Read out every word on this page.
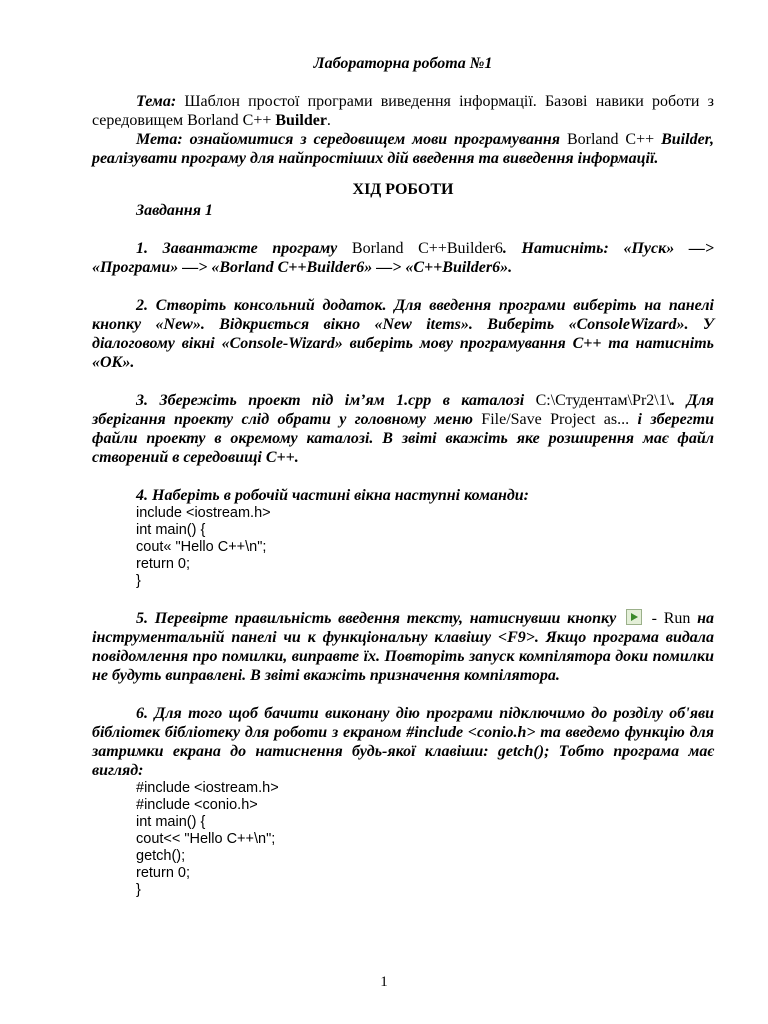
Лабораторна робота №1
Тема: Шаблон простої програми виведення інформації. Базові навики роботи з середовищем Borland C++ Builder.
Мета: ознайомитися з середовищем мови програмування Borland C++ Builder, реалізувати програму для найпростіших дій введення та виведення інформації.
ХІД РОБОТИ
Завдання 1
1. Завантажте програму Borland C++Builder6. Натисніть: «Пуск» —> «Програми» —> «Borland C++Builder6» —> «C++Builder6».
2. Створіть консольний додаток. Для введення програми виберіть на панелі кнопку «New». Відкриється вікно «New items». Виберіть «ConsoleWizard». У діалоговому вікні «Console-Wizard» виберіть мову програмування С++ та натисніть «ОК».
3. Збережіть проект під ім’ям 1.cpp в каталозі C:\Студентам\Pr2\1\. Для зберігання проекту слід обрати у головному меню File/Save Project as... і зберегти файли проекту в окремому каталозі. В звіті вкажіть яке розширення має файл створений в середовищі С++.
4. Наберіть в робочій частині вікна наступні команди:
include <iostream.h>
int main() {
cout« "Hello C++\n";
return 0;
}
5. Перевірте правильність введення тексту, натиснувши кнопку
- Run на інструментальній панелі чи к функціональну клавішу <F9>. Якщо програма видала повідомлення про помилки, виправте їх. Повторіть запуск компілятора доки помилки не будуть виправлені. В звіті вкажіть призначення компілятора.
6. Для того щоб бачити виконану дію програми підключимо до розділу об'яви бібліотек бібліотеку для роботи з екраном #include <conio.h> та введемо функцію для затримки екрана до натиснення будь-якої клавіши: getch(); Тобто програма має вигляд:
#include <iostream.h>
#include <conio.h>
int main() {
cout<< "Hello C++\n";
getch();
return 0;
}
1
